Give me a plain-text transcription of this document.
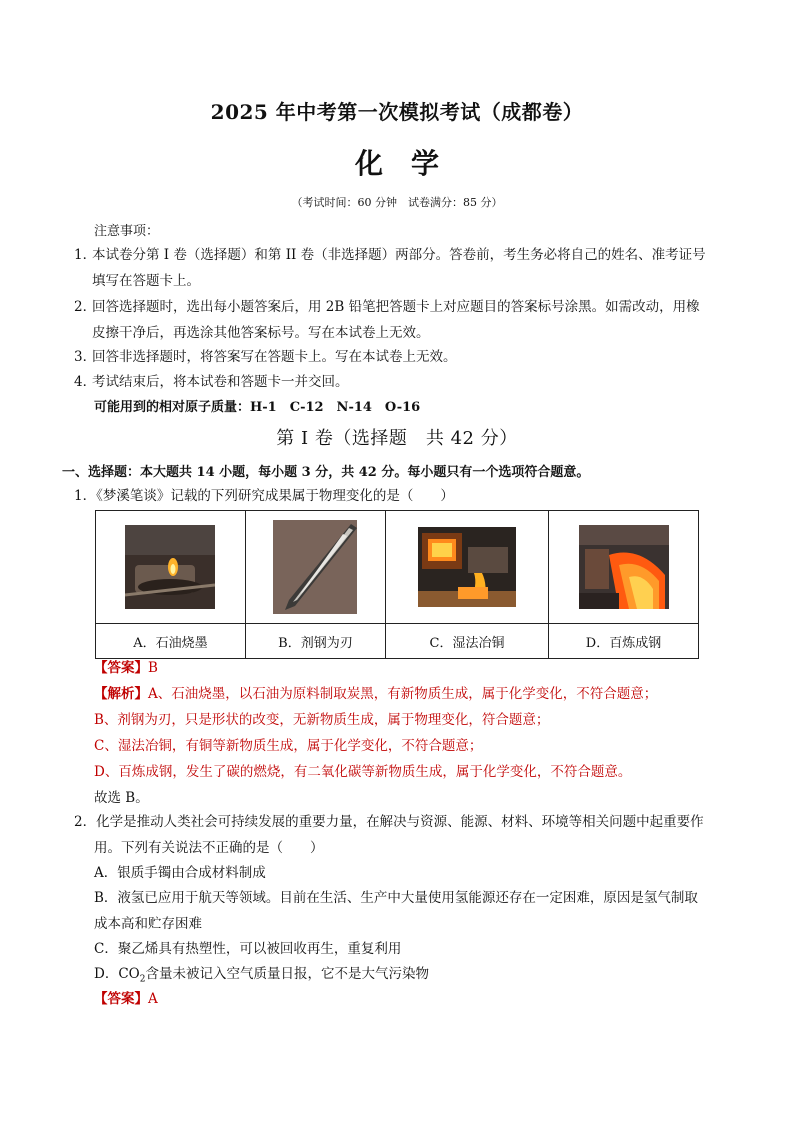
2025 年中考第一次模拟考试（成都卷）
化学
（考试时间：60 分钟　试卷满分：85 分）
注意事项：
1．本试卷分第 I 卷（选择题）和第 II 卷（非选择题）两部分。答卷前，考生务必将自己的姓名、准考证号
填写在答题卡上。
2．回答选择题时，选出每小题答案后，用 2B 铅笔把答题卡上对应题目的答案标号涂黑。如需改动，用橡
皮擦干净后，再选涂其他答案标号。写在本试卷上无效。
3．回答非选择题时，将答案写在答题卡上。写在本试卷上无效。
4．考试结束后，将本试卷和答题卡一并交回。
可能用到的相对原子质量：H-1　C-12　N-14　O-16
第 I 卷（选择题　共 42 分）
一、选择题：本大题共 14 小题，每小题 3 分，共 42 分。每小题只有一个选项符合题意。
1．《梦溪笔谈》记载的下列研究成果属于物理变化的是（　　）

A．石油烧墨	B．剂钢为刃	C．湿法冶铜	D．百炼成钢
【答案】B
【解析】A、石油烧墨，以石油为原料制取炭黑，有新物质生成，属于化学变化，不符合题意；
B、剂钢为刃，只是形状的改变，无新物质生成，属于物理变化，符合题意；
C、湿法冶铜，有铜等新物质生成，属于化学变化，不符合题意；
D、百炼成钢，发生了碳的燃烧，有二氧化碳等新物质生成，属于化学变化，不符合题意。
故选 B。
2．化学是推动人类社会可持续发展的重要力量，在解决与资源、能源、材料、环境等相关问题中起重要作
用。下列有关说法不正确的是（　　）
A．银质手镯由合成材料制成
B．液氢已应用于航天等领域。目前在生活、生产中大量使用氢能源还存在一定困难，原因是氢气制取
成本高和贮存困难
C．聚乙烯具有热塑性，可以被回收再生，重复利用
D．$CO_2$含量未被记入空气质量日报，它不是大气污染物
【答案】A
